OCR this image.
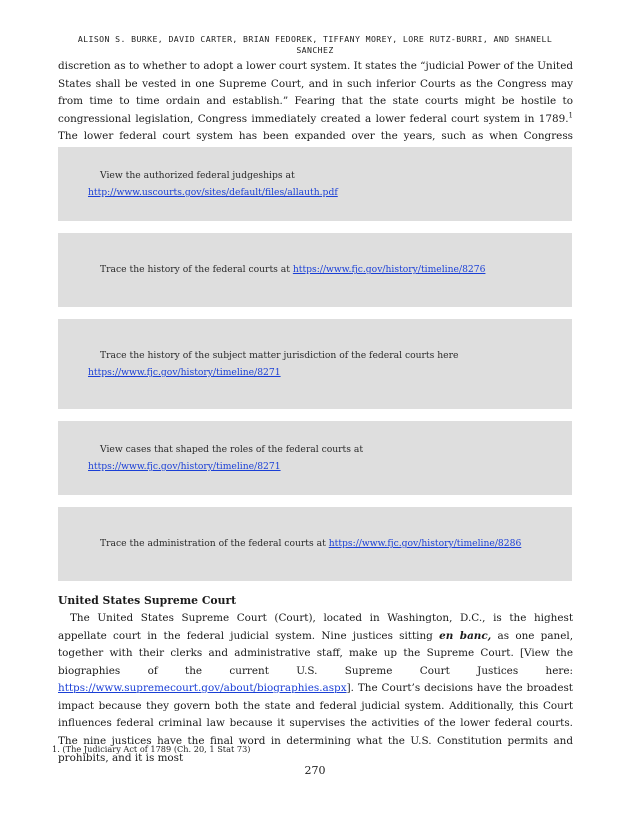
ALISON S. BURKE, DAVID CARTER, BRIAN FEDOREK, TIFFANY MOREY, LORE RUTZ-BURRI, AND SHANELL
SANCHEZ

discretion as to whether to adopt a lower court system. It states the “judicial Power of the United States shall be vested in one Supreme Court, and in such inferior Courts as the Congress may from time to time ordain and establish.” Fearing that the state courts might be hostile to congressional legislation, Congress immediately created a lower federal court system in 1789.$^1$ The lower federal court system has been expanded over the years, such as when Congress

View the authorized federal judgeships at http://www.uscourts.gov/sites/default/files/allauth.pdf
Trace the history of the federal courts at https://www.fjc.gov/history/timeline/8276
Trace the history of the subject matter jurisdiction of the federal courts here https://www.fjc.gov/history/timeline/8271
View cases that shaped the roles of the federal courts at https://www.fjc.gov/history/timeline/8271
Trace the administration of the federal courts at https://www.fjc.gov/history/timeline/8286
United States Supreme Court

The United States Supreme Court (Court), located in Washington, D.C., is the highest appellate court in the federal judicial system. Nine justices sitting en banc, as one panel, together with their clerks and administrative staff, make up the Supreme Court. [View the biographies of the current U.S. Supreme Court Justices here: https://www.supremecourt.gov/about/biographies.aspx]. The Court’s decisions have the broadest impact because they govern both the state and federal judicial system. Additionally, this Court influences federal criminal law because it supervises the activities of the lower federal courts. The nine justices have the final word in determining what the U.S. Constitution permits and prohibits, and it is most

1. (The Judiciary Act of 1789 (Ch. 20, 1 Stat 73)
270
